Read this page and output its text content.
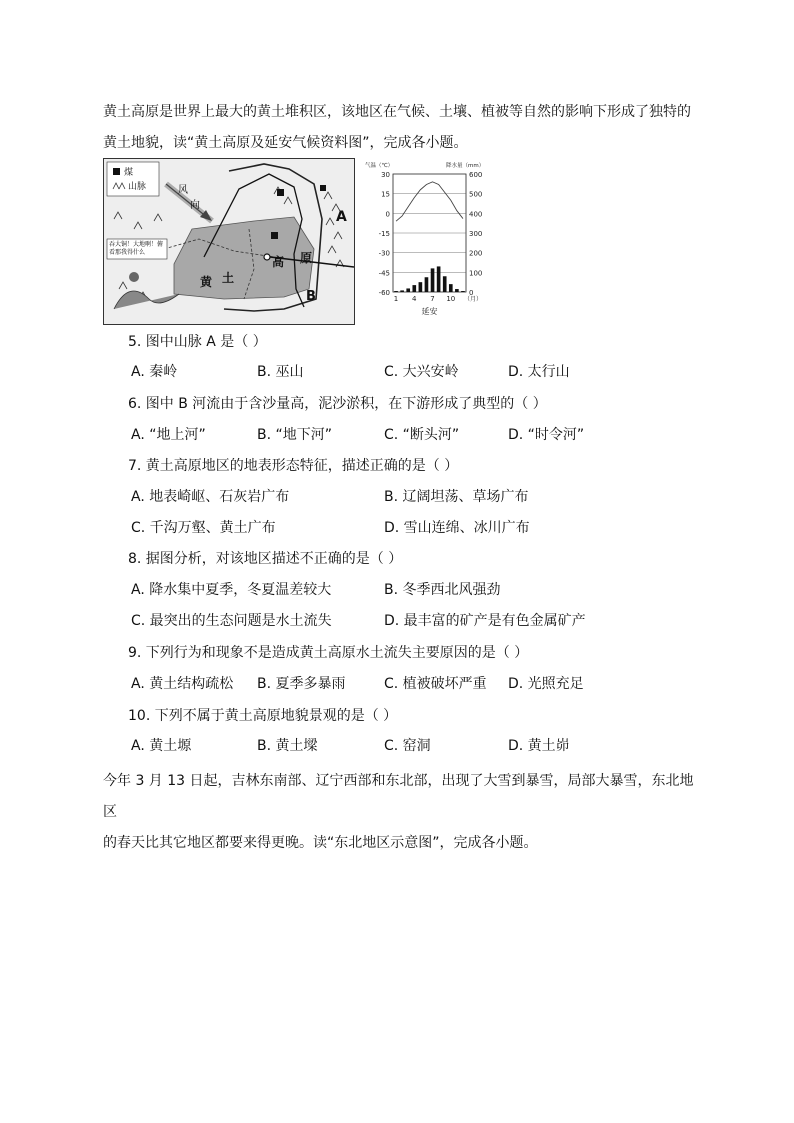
黄土高原是世界上最大的黄土堆积区，该地区在气候、土壤、植被等自然的影响下形成了独特的
黄土地貌，读“黄土高原及延安气候资料图”，完成各小题。
煤
山脉	风
向
A
B
黄 土
高 原
吞大铜！大地啊！俯看那我得什么
30
15
0
-15
-30
-45
-60
600
500
400
300
200
100
0
气温（℃）	降水量（mm）
1 4 7 10 （月）
延安
5. 图中山脉 A 是（ ）
A. 秦岭	B. 巫山	C. 大兴安岭	D. 太行山
6. 图中 B 河流由于含沙量高，泥沙淤积，在下游形成了典型的（ ）
A. “地上河”	B. “地下河”	C. “断头河”	D. “时令河”
7. 黄土高原地区的地表形态特征，描述正确的是（ ）
A. 地表崎岖、石灰岩广布	B. 辽阔坦荡、草场广布
C. 千沟万壑、黄土广布	D. 雪山连绵、冰川广布
8. 据图分析，对该地区描述不正确的是（ ）
A. 降水集中夏季，冬夏温差较大	B. 冬季西北风强劲
C. 最突出的生态问题是水土流失	D. 最丰富的矿产是有色金属矿产
9. 下列行为和现象不是造成黄土高原水土流失主要原因的是（ ）
A. 黄土结构疏松 B. 夏季多暴雨	C. 植被破坏严重 D. 光照充足
10. 下列不属于黄土高原地貌景观的是（ ）
A. 黄土塬	B. 黄土墚	C. 窑洞	D. 黄土峁
今年 3 月 13 日起，吉林东南部、辽宁西部和东北部，出现了大雪到暴雪，局部大暴雪，东北地区
的春天比其它地区都要来得更晚。读“东北地区示意图”，完成各小题。
